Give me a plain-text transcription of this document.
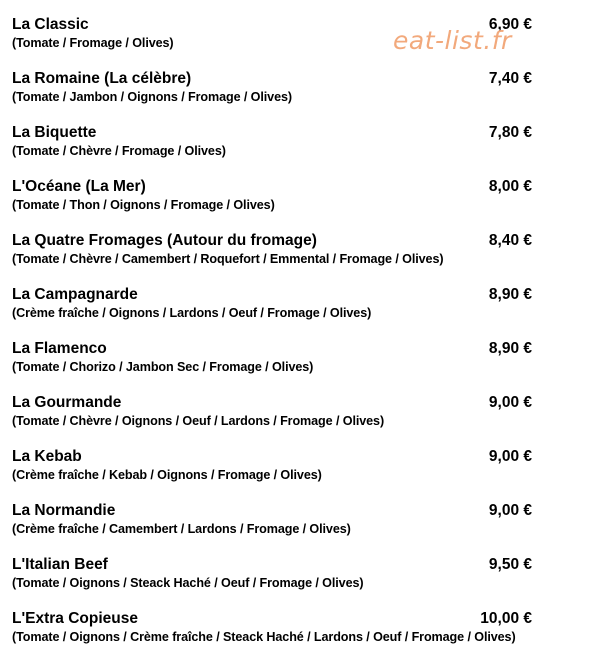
La Classic	6,90 €
(Tomate / Fromage / Olives)
La Romaine (La célèbre)	7,40 €
(Tomate / Jambon / Oignons / Fromage / Olives)
La Biquette	7,80 €
(Tomate / Chèvre / Fromage / Olives)
L'Océane (La Mer)	8,00 €
(Tomate / Thon / Oignons / Fromage / Olives)
La Quatre Fromages (Autour du fromage)	8,40 €
(Tomate / Chèvre / Camembert / Roquefort / Emmental / Fromage / Olives)
La Campagnarde	8,90 €
(Crème fraîche / Oignons / Lardons / Oeuf / Fromage / Olives)
La Flamenco	8,90 €
(Tomate / Chorizo / Jambon Sec / Fromage / Olives)
La Gourmande	9,00 €
(Tomate / Chèvre / Oignons / Oeuf / Lardons / Fromage / Olives)
La Kebab	9,00 €
(Crème fraîche / Kebab / Oignons / Fromage / Olives)
La Normandie	9,00 €
(Crème fraîche / Camembert / Lardons / Fromage / Olives)
L'Italian Beef	9,50 €
(Tomate / Oignons / Steack Haché / Oeuf / Fromage / Olives)
L'Extra Copieuse	10,00 €
(Tomate / Oignons / Crème fraîche / Steack Haché / Lardons / Oeuf / Fromage / Olives)
eat-list.fr
